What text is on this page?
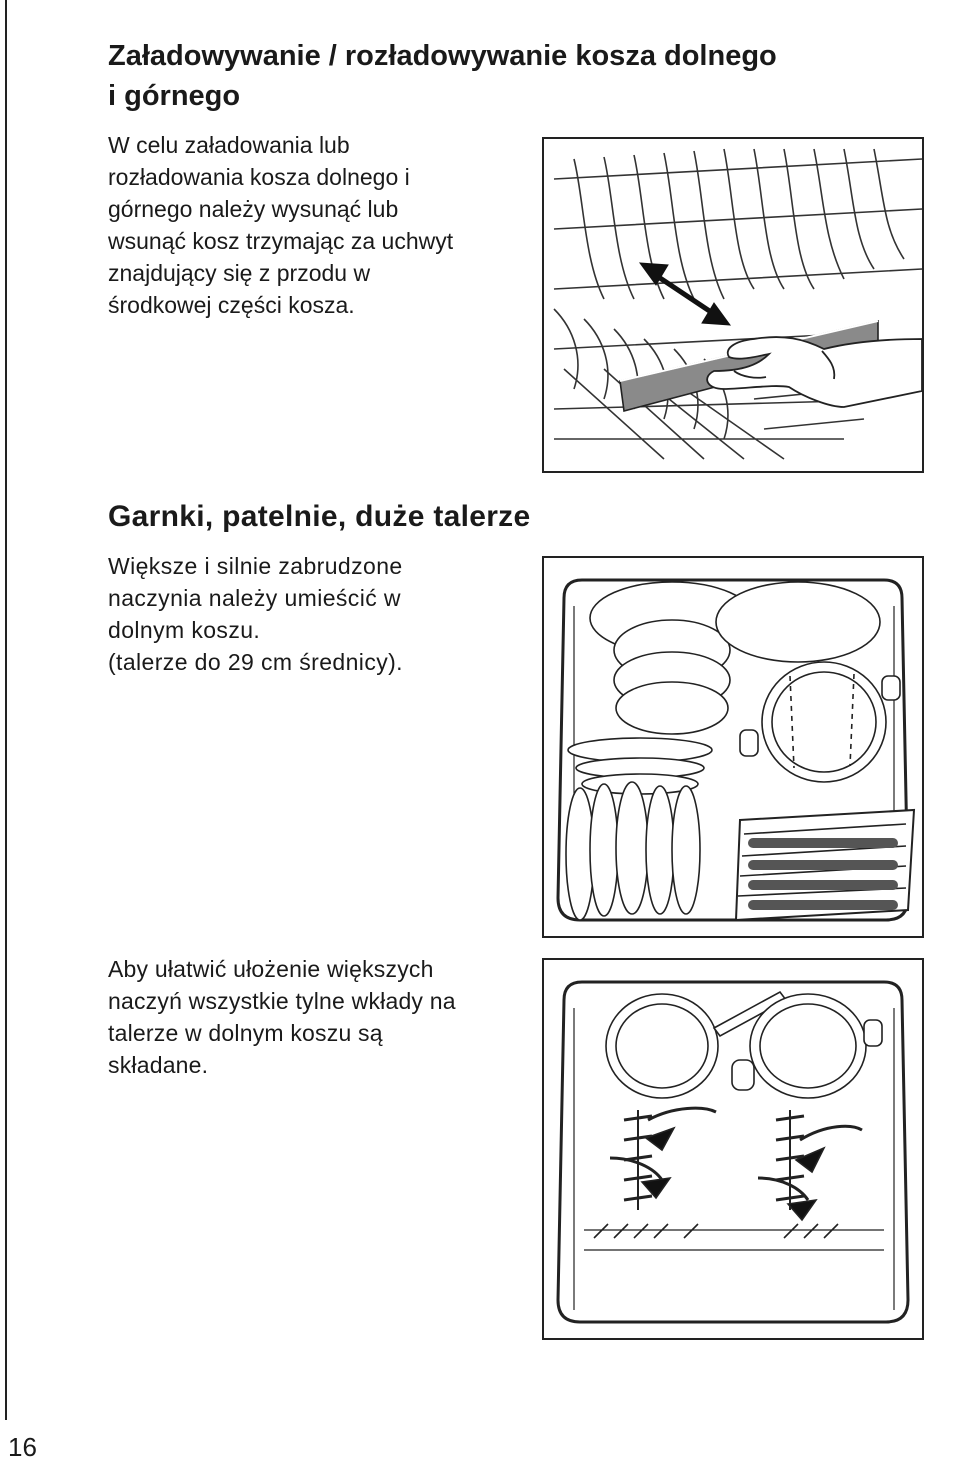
16
Załadowywanie / rozładowywanie kosza dolnego
i górnego
W celu załadowania lub
rozładowania kosza dolnego i
górnego należy wysunąć lub
wsunąć kosz trzymając za uchwyt
znajdujący się z przodu w
środkowej części kosza.
Garnki, patelnie, duże talerze
Większe i silnie zabrudzone
naczynia należy umieścić w
dolnym koszu.
(talerze do 29 cm średnicy).
Aby ułatwić ułożenie większych
naczyń wszystkie tylne wkłady na
talerze w dolnym koszu są
składane.
